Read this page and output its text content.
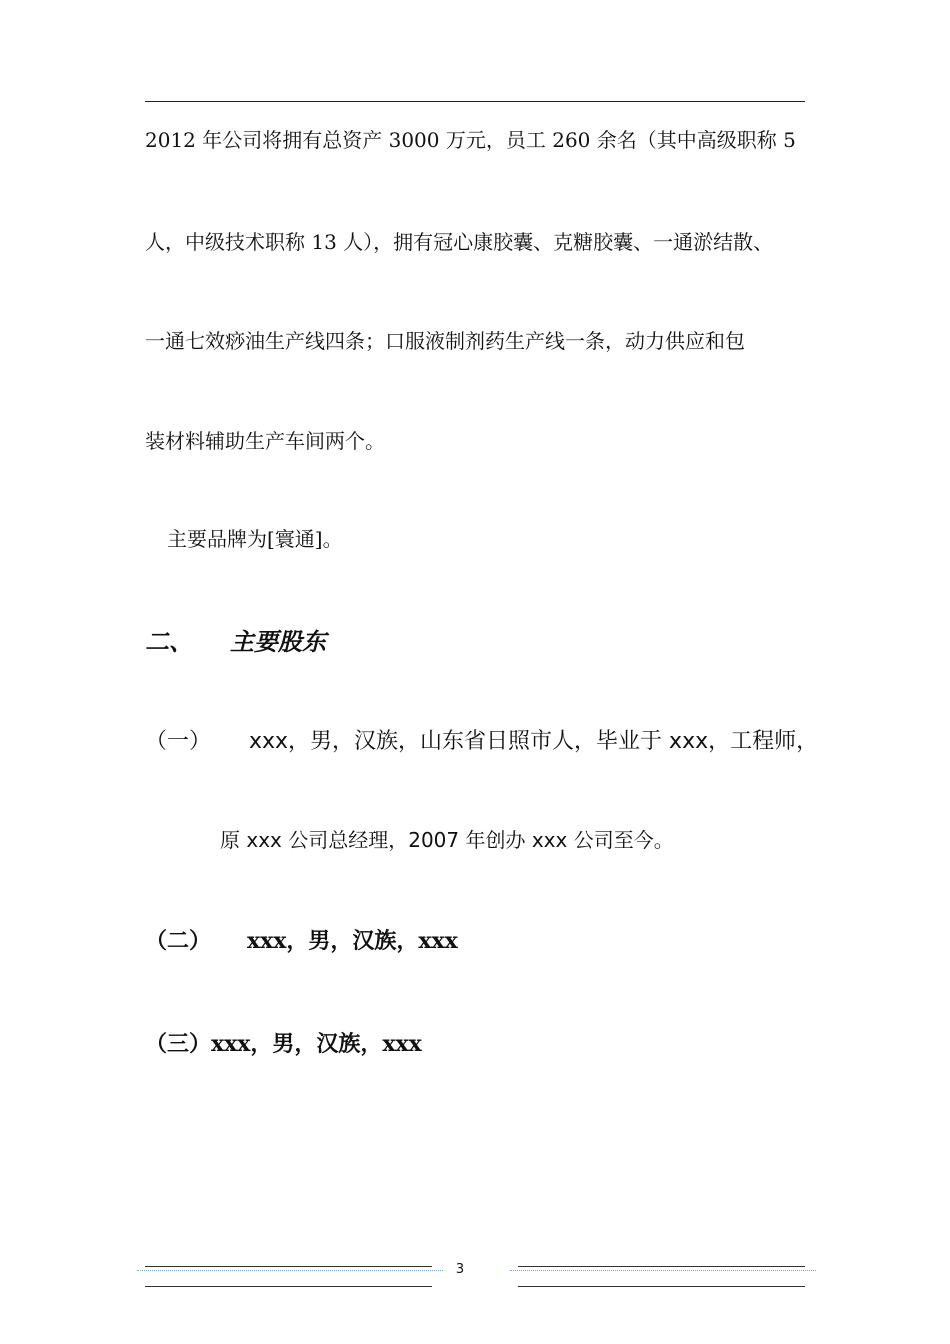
2012 年公司将拥有总资产 3000 万元，员工 260 余名（其中高级职称 5
人，中级技术职称 13 人），拥有冠心康胶囊、克糖胶囊、一通淤结散、
一通七效痧油生产线四条；口服液制剂药生产线一条，动力供应和包
装材料辅助生产车间两个。
主要品牌为[寰通]。
二、 主要股东
（一） xxx，男，汉族，山东省日照市人，毕业于 xxx，工程师，
原 xxx 公司总经理，2007 年创办 xxx 公司至今。
（二） xxx，男，汉族，xxx
（三）xxx，男，汉族，xxx
3
